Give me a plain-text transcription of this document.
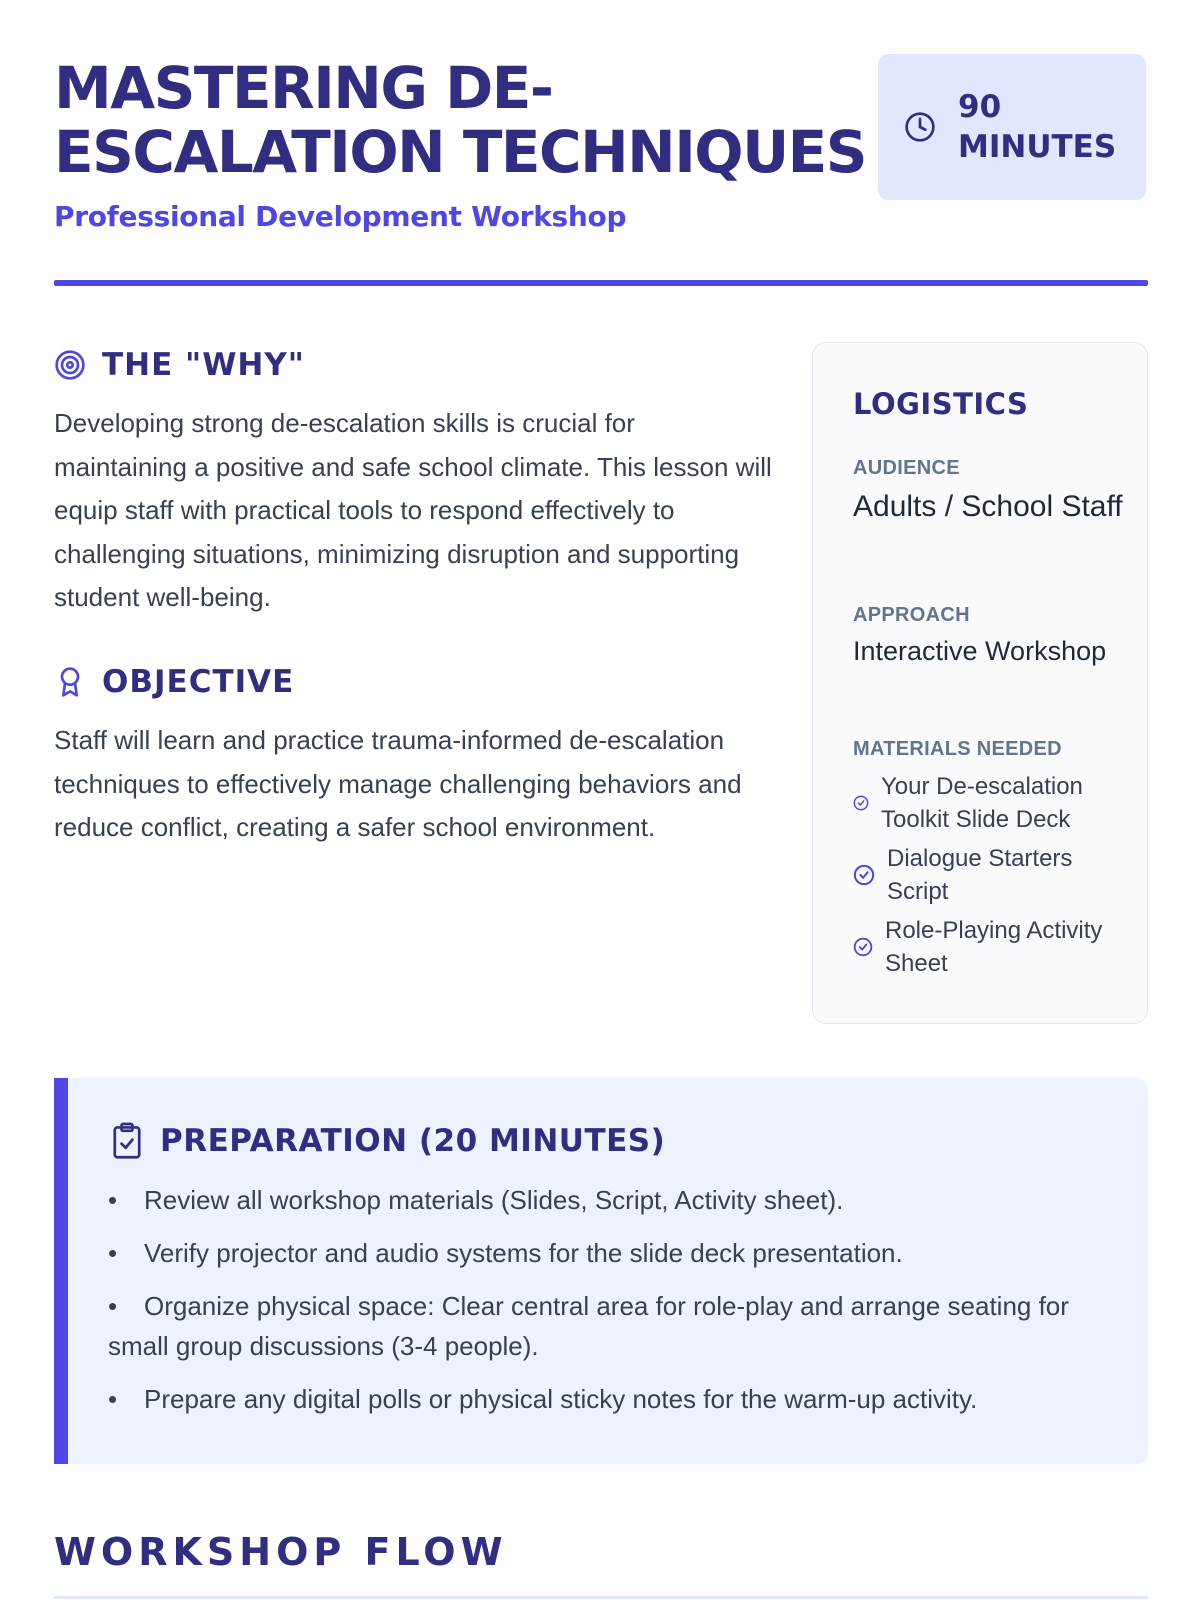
MASTERING DE-ESCALATION TECHNIQUES
Professional Development Workshop
90 MINUTES
THE "WHY"

Developing strong de-escalation skills is crucial for maintaining a positive and safe school climate. This lesson will equip staff with practical tools to respond effectively to challenging situations, minimizing disruption and supporting student well-being.

OBJECTIVE

Staff will learn and practice trauma-informed de-escalation techniques to effectively manage challenging behaviors and reduce conflict, creating a safer school environment.

LOGISTICS
AUDIENCE
Adults / School Staff
APPROACH
Interactive Workshop
MATERIALS NEEDED
Your De-escalation Toolkit Slide Deck
Dialogue Starters Script
Role-Playing Activity Sheet
PREPARATION (20 MINUTES)
• Review all workshop materials (Slides, Script, Activity sheet).
• Verify projector and audio systems for the slide deck presentation.
• Organize physical space: Clear central area for role-play and arrange seating for small group discussions (3-4 people).
• Prepare any digital polls or physical sticky notes for the warm-up activity.
WORKSHOP FLOW
